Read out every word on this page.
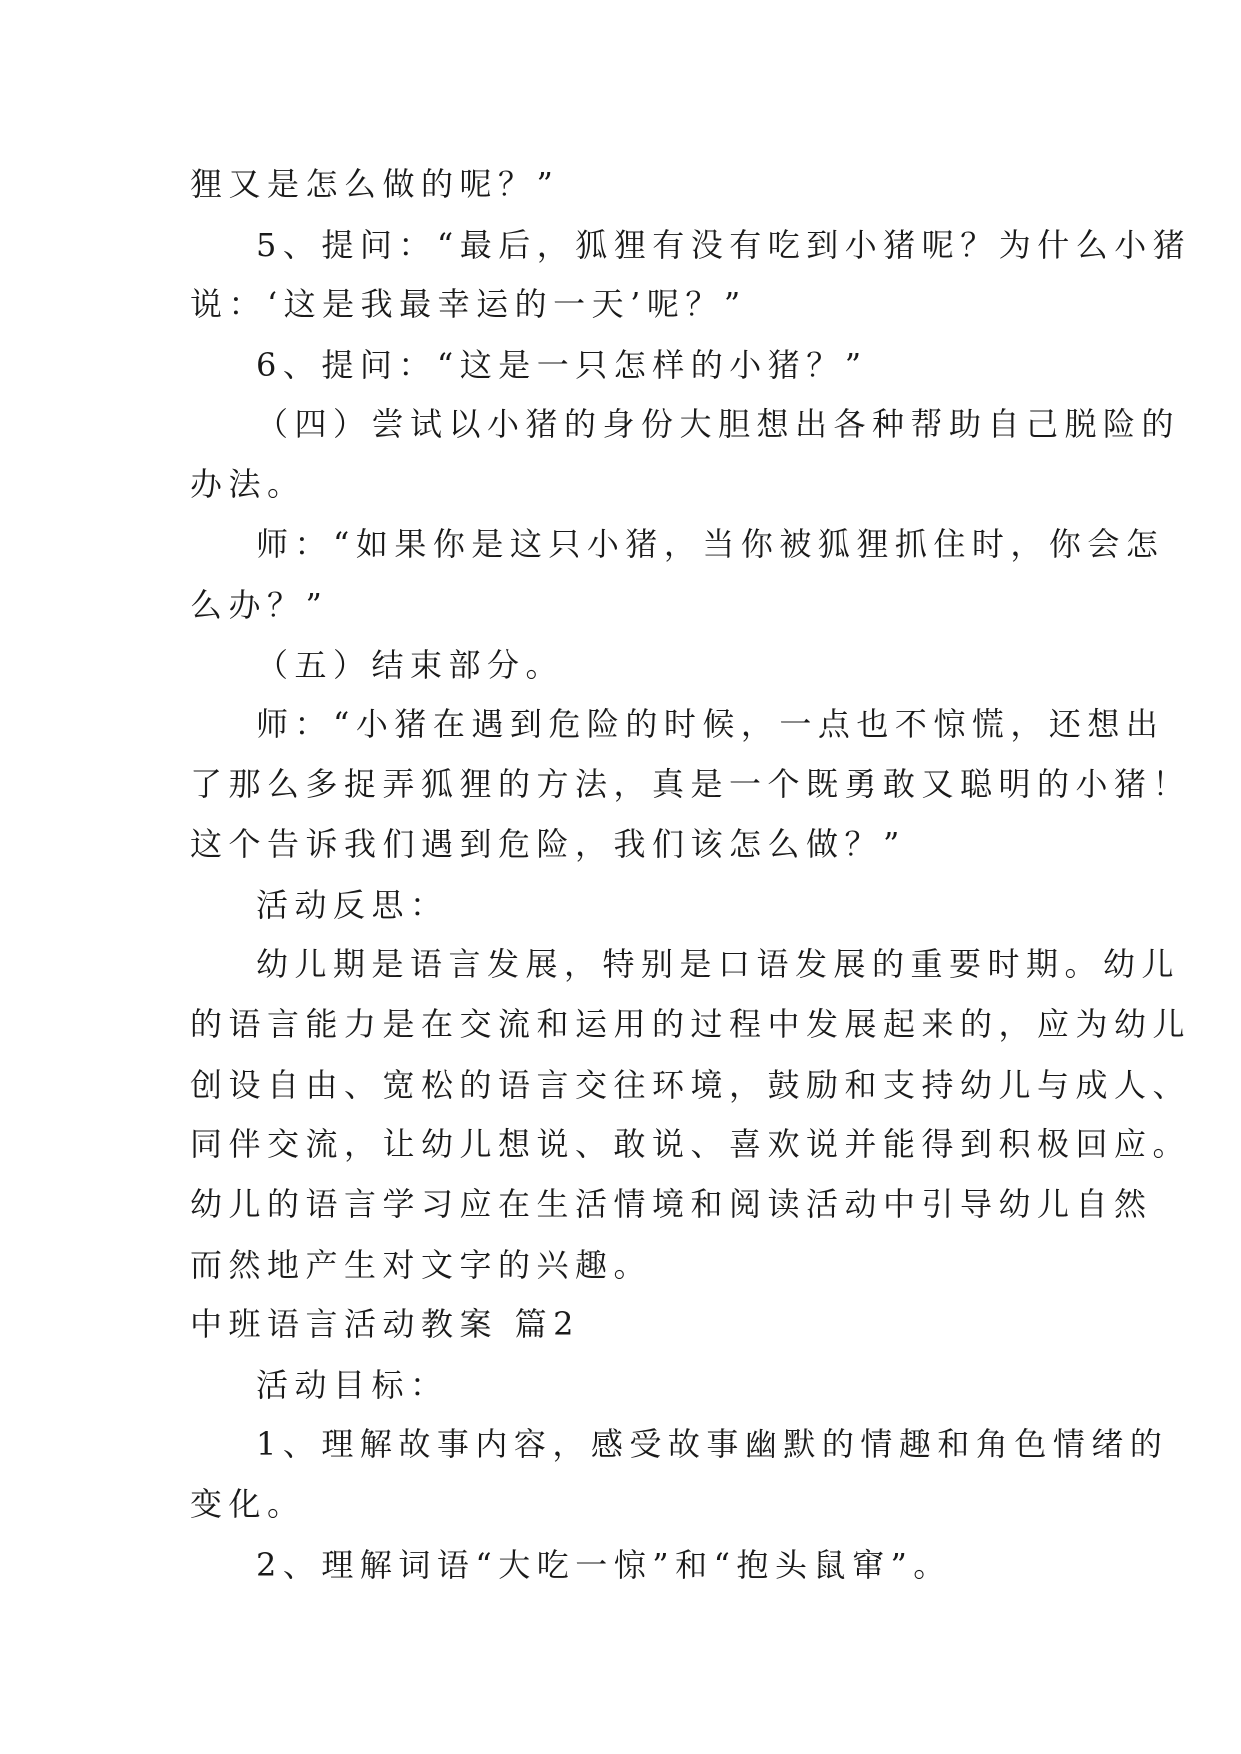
狸又是怎么做的呢？”
5、提问：“最后，狐狸有没有吃到小猪呢？为什么小猪
说：‘这是我最幸运的一天’呢？”
6、提问：“这是一只怎样的小猪？”
（四）尝试以小猪的身份大胆想出各种帮助自己脱险的
办法。
师：“如果你是这只小猪，当你被狐狸抓住时，你会怎
么办？”
（五）结束部分。
师：“小猪在遇到危险的时候，一点也不惊慌，还想出
了那么多捉弄狐狸的方法，真是一个既勇敢又聪明的小猪！
这个告诉我们遇到危险，我们该怎么做？”
活动反思：
幼儿期是语言发展，特别是口语发展的重要时期。幼儿
的语言能力是在交流和运用的过程中发展起来的，应为幼儿
创设自由、宽松的语言交往环境，鼓励和支持幼儿与成人、
同伴交流，让幼儿想说、敢说、喜欢说并能得到积极回应。
幼儿的语言学习应在生活情境和阅读活动中引导幼儿自然
而然地产生对文字的兴趣。
中班语言活动教案 篇2
活动目标：
1、理解故事内容，感受故事幽默的情趣和角色情绪的
变化。
2、理解词语“大吃一惊”和“抱头鼠窜”。
